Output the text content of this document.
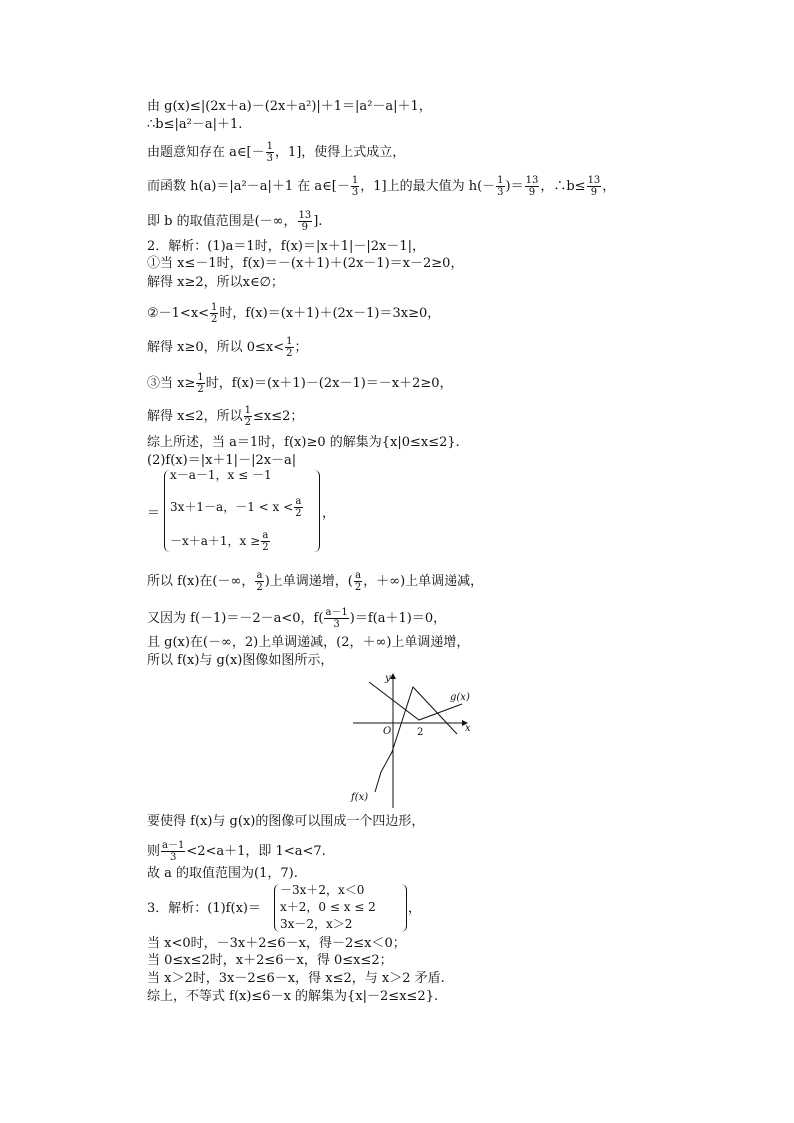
由 g(x)≤|(2x＋a)－(2x＋a²)|＋1＝|a²－a|＋1，
∴b≤|a²－a|＋1.
由题意知存在 a∈[－ $\frac{1}{3}$ ，1]，使得上式成立，
而函数 h(a)＝|a²－a|＋1 在 a∈[－ $\frac{1}{3}$ ，1]上的最大值为 $h(- \frac{1}{3}$ )＝ $\frac{13}{9}$ ，∴b≤ $\frac{13}{9}$ ，
即 b 的取值范围是(－∞， $\frac{13}{9}$ ].
2．解析：(1)a＝1时，f(x)＝|x＋1|－|2x－1|，
①当 x≤－1时，f(x)＝－(x＋1)＋(2x－1)＝x－2≥0，
解得 x≥2，所以x∈∅；
②－1<x< $\frac{1}{2}$ 时，f(x)＝(x＋1)＋(2x－1)＝3x≥0，
解得 x≥0，所以 $0\le x< \frac{1}{2}$ ；
③当 $x\ge \frac{1}{2}$ 时，f(x)＝(x＋1)－(2x－1)＝－x＋2≥0，
解得 x≤2，所以 $\frac{1}{2} \le x\le 2$；
综上所述，当 a＝1时，f(x)≥0 的解集为{x|0≤x≤2}.
(2)f(x)＝|x＋1|－|2x－a|
＝
x－a－1，x ≤ －1
3x＋1－a，$-1 < x < \frac{a}{2}$
－x＋a＋1，$x \ge \frac{a}{2}$
，
所以 f(x)在(－∞， $\frac{a}{2}$ )上单调递增，( $\frac{a}{2}$ ，＋∞)上单调递减，
又因为 f(－1)＝－2－a<0，$f( \frac{a-1}{3} )=f(a+1)=0$，
且 g(x)在(－∞，2)上单调递减，(2，＋∞)上单调递增，
所以 f(x)与 g(x)图像如图所示，
y
x
O	2
g(x)
f(x)
要使得 f(x)与 g(x)的图像可以围成一个四边形，
则 $\frac{a-1}{3} <2<a+1$，即 1<a<7.
故 a 的取值范围为(1，7).
3．解析：(1)f(x)＝
－3x＋2，x＜0
x＋2，0 ≤ x ≤ 2
3x－2，x＞2
，
当 x<0时，－3x＋2≤6－x，得－2≤x＜0；
当 0≤x≤2时，x＋2≤6－x，得 0≤x≤2；
当 x＞2时，3x－2≤6－x，得 x≤2，与 x＞2 矛盾.
综上，不等式 f(x)≤6－x 的解集为{x|－2≤x≤2}.
